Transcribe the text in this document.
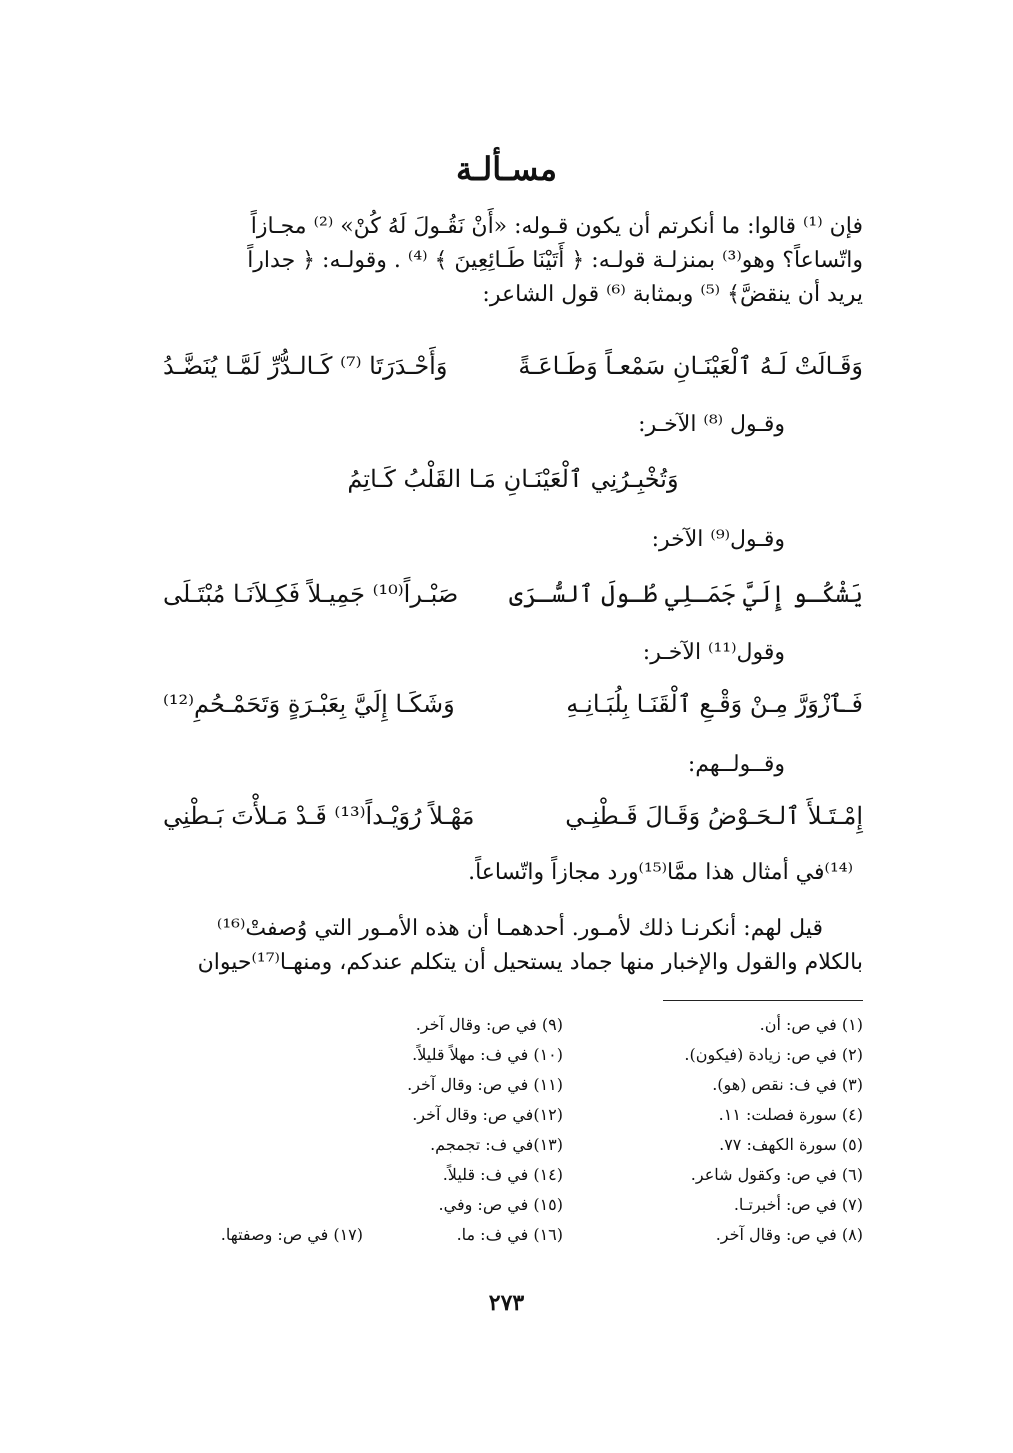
مسـألـة
فإن ⁽¹⁾ قالوا: ما أنكرتم أن يكون قـوله: «أَنْ نَقُـولَ لَهُ كُنْ» ⁽²⁾ مجـازاً
واتّساعاً؟ وهو⁽³⁾ بمنزلـة قولـه: ﴿ أَتَيْنَا طَـائِعِينَ ﴾ ⁽⁴⁾ . وقولـه: ﴿ جداراً
يريد أن ينقضَّ﴾ ⁽⁵⁾ وبمثابة ⁽⁶⁾ قول الشاعر:
وَقَـالَتْ لَـهُ ٱلْعَيْنَـانِ سَمْعـاً وَطَـاعَـةً
وَأَحْـدَرَتَا ⁽⁷⁾ كَـالـدُّرِّ لَمَّـا يُنَضَّـدُ
وقـول ⁽⁸⁾ الآخـر:
وَتُخْبِـرُنِي ٱلْعَيْنَـانِ مَـا القَلْبُ كَـاتِمُ
وقـول⁽⁹⁾ الآخر:
يَشْكُـو إِلَيَّ جَمَـلِي طُـولَ ٱلسُّـرَى
صَبْـراً⁽¹⁰⁾ جَمِيـلاً فَكِـلاَنَـا مُبْتَـلَى
وقول⁽¹¹⁾ الآخـر:
فَـٱزْوَرَّ مِـنْ وَقْـعِ ٱلْقَنَـا بِلُبَـانِـهِ
وَشَكَـا إِلَيَّ بِعَبْـرَةٍ وَتَحَمْـحُمِ⁽¹²⁾
وقــولــهم:
إِمْـتَـلأَ ٱلـحَـوْضُ وَقَـالَ قَـطْنِـي
مَهْـلاً رُوَيْـداً⁽¹³⁾ قَـدْ مَـلأْتَ بَـطْنِي
⁽¹⁴⁾في أمثال هذا ممَّا⁽¹⁵⁾ورد مجازاً واتّساعاً.
قيل لهم: أنكرنـا ذلك لأمـور. أحدهمـا أن هذه الأمـور التي وُصفتْ⁽¹⁶⁾
بالكلام والقول والإخبار منها جماد يستحيل أن يتكلم عندكم، ومنهـا⁽¹⁷⁾حيوان
(١) في ص: أن.
(٢) في ص: زيادة (فيكون).
(٣) في ف: نقص (هو).
(٤) سورة فصلت: ١١.
(٥) سورة الكهف: ٧٧.
(٦) في ص: وكقول شاعر.
(٧) في ص: أخبرتـا.
(٨) في ص: وقال آخر.
(٩) في ص: وقال آخر.
(١٠) في ف: مهلاً قليلاً.
(١١) في ص: وقال آخر.
(١٢)في ص: وقال آخر.
(١٣)في ف: تجمجم.
(١٤) في ف: قليلاً.
(١٥) في ص: وفي.
(١٦) في ف: ما.
(١٧) في ص: وصفتها.
٢٧٣
